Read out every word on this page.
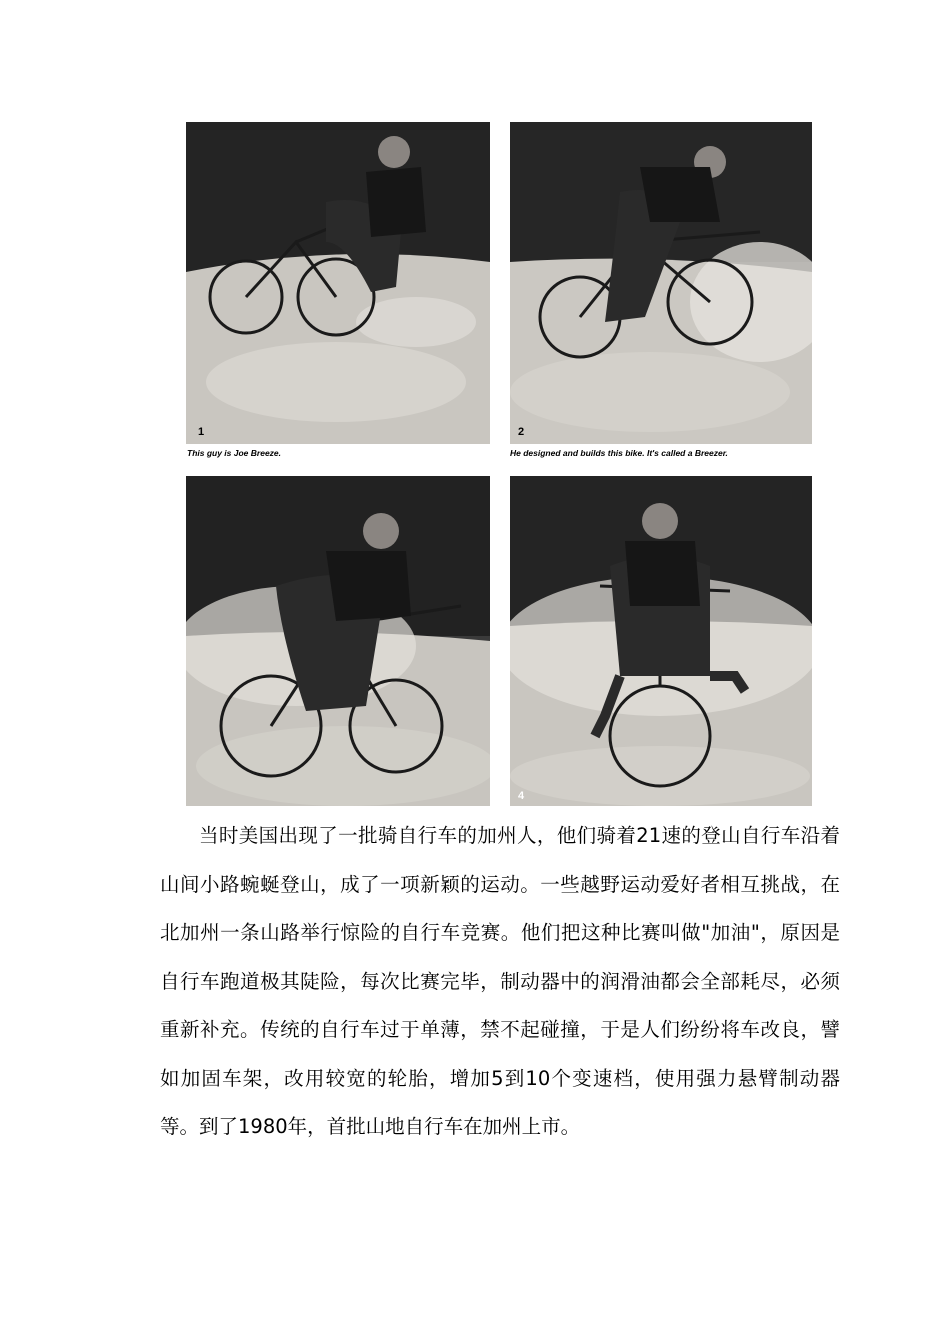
1
This guy is Joe Breeze.
2
He designed and builds this bike. It's called a Breezer.
4

当时美国出现了一批骑自行车的加州人，他们骑着21速的登山自行车沿着山间小路蜿蜒登山，成了一项新颖的运动。一些越野运动爱好者相互挑战，在北加州一条山路举行惊险的自行车竞赛。他们把这种比赛叫做"加油"，原因是自行车跑道极其陡险，每次比赛完毕，制动器中的润滑油都会全部耗尽，必须重新补充。传统的自行车过于单薄，禁不起碰撞，于是人们纷纷将车改良，譬如加固车架，改用较宽的轮胎，增加5到10个变速档，使用强力悬臂制动器等。到了1980年，首批山地自行车在加州上市。
